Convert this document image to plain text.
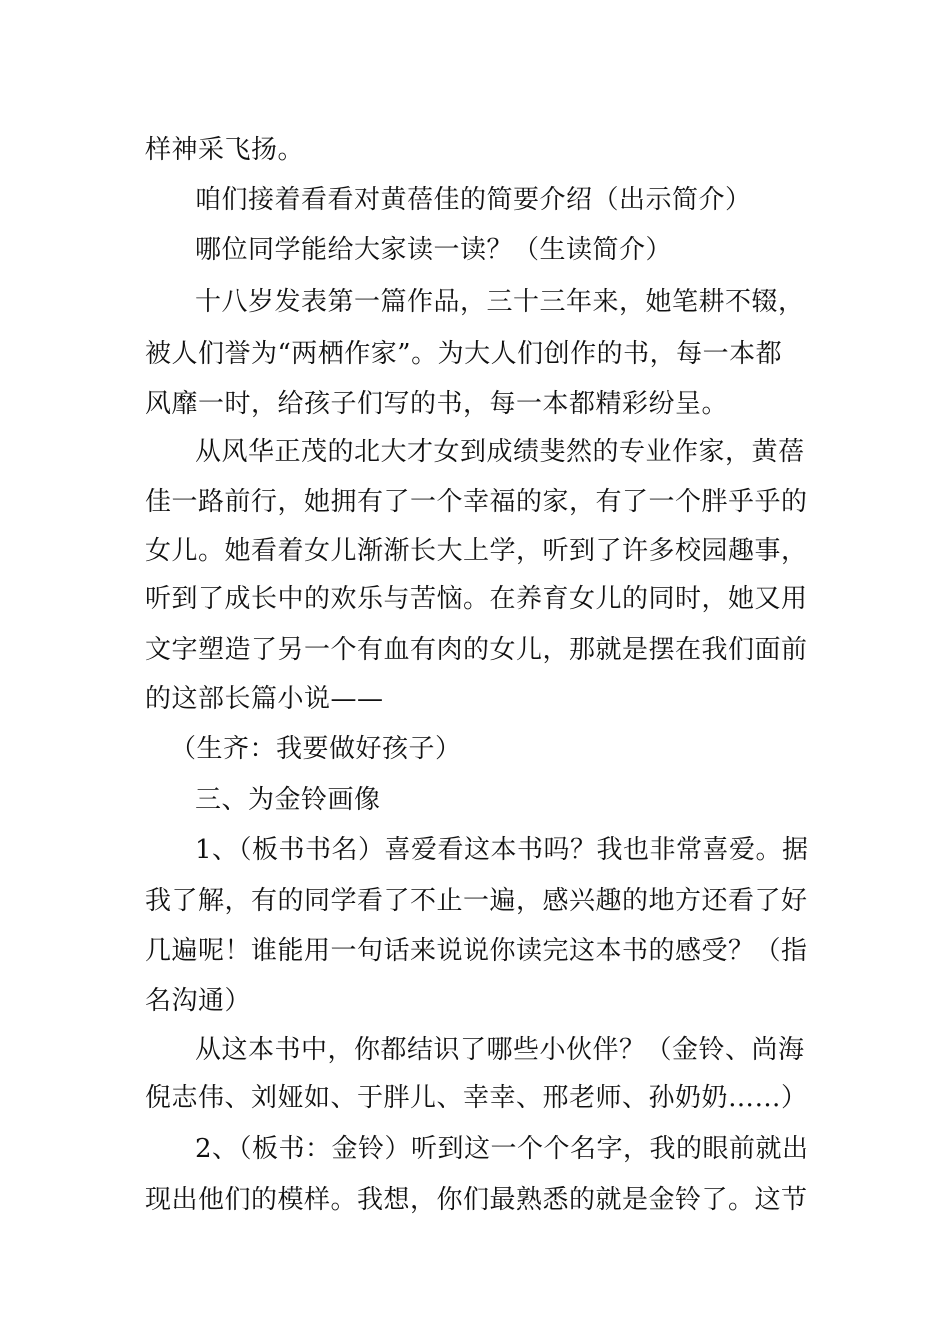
样神采飞扬。
咱们接着看看对黄蓓佳的简要介绍（出示简介）
哪位同学能给大家读一读？（生读简介）
十八岁发表第一篇作品，三十三年来，她笔耕不辍，
被人们誉为“两栖作家”。为大人们创作的书，每一本都
风靡一时，给孩子们写的书，每一本都精彩纷呈。
从风华正茂的北大才女到成绩斐然的专业作家，黄蓓
佳一路前行，她拥有了一个幸福的家，有了一个胖乎乎的
女儿。她看着女儿渐渐长大上学，听到了许多校园趣事，
听到了成长中的欢乐与苦恼。在养育女儿的同时，她又用
文字塑造了另一个有血有肉的女儿，那就是摆在我们面前
的这部长篇小说——
（生齐：我要做好孩子）
三、为金铃画像
1、（板书书名）喜爱看这本书吗？我也非常喜爱。据
我了解，有的同学看了不止一遍，感兴趣的地方还看了好
几遍呢！谁能用一句话来说说你读完这本书的感受？（指
名沟通）
从这本书中，你都结识了哪些小伙伴？（金铃、尚海
倪志伟、刘娅如、于胖儿、幸幸、邢老师、孙奶奶……）
2、（板书：金铃）听到这一个个名字，我的眼前就出
现出他们的模样。我想，你们最熟悉的就是金铃了。这节
